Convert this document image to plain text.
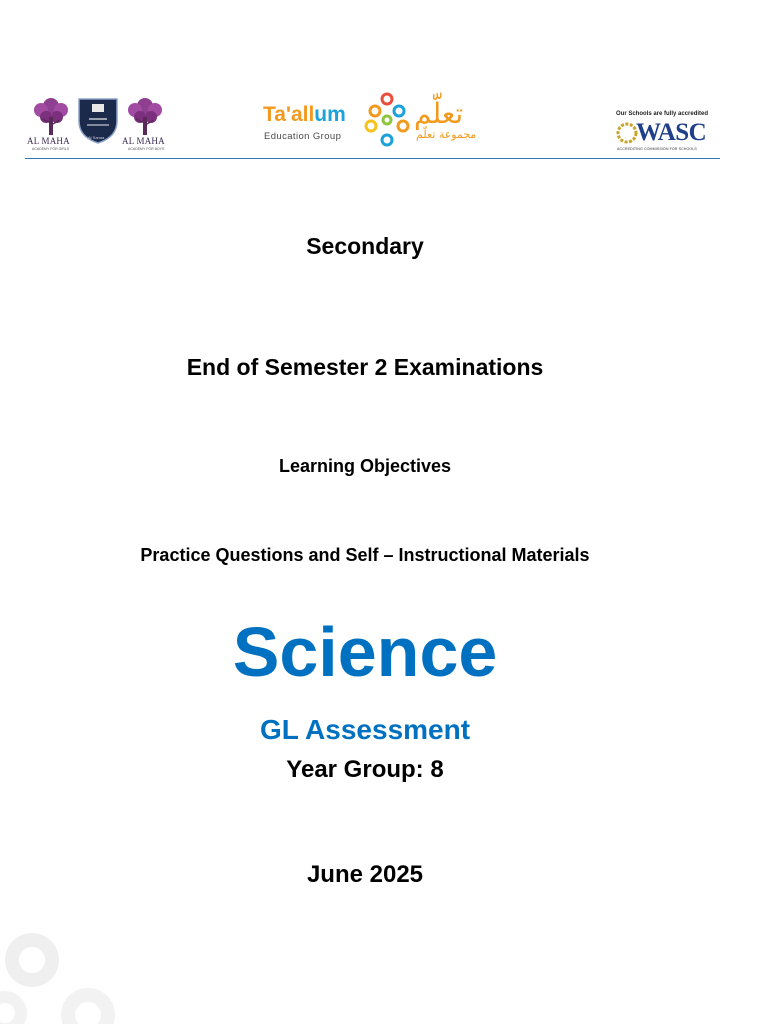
AL MAHA
ACADEMY FOR GIRLS
Al Sanaa AL MAHA
ACADEMY FOR BOYS
Ta'allum
Education Group
تعلّم
مجموعة تعلّم
Our Schools are fully accredited
WASC
ACCREDITING COMMISSION FOR SCHOOLS
Secondary
End of Semester 2 Examinations
Learning Objectives
Practice Questions and Self – Instructional Materials
Science
GL Assessment
Year Group: 8
June 2025
